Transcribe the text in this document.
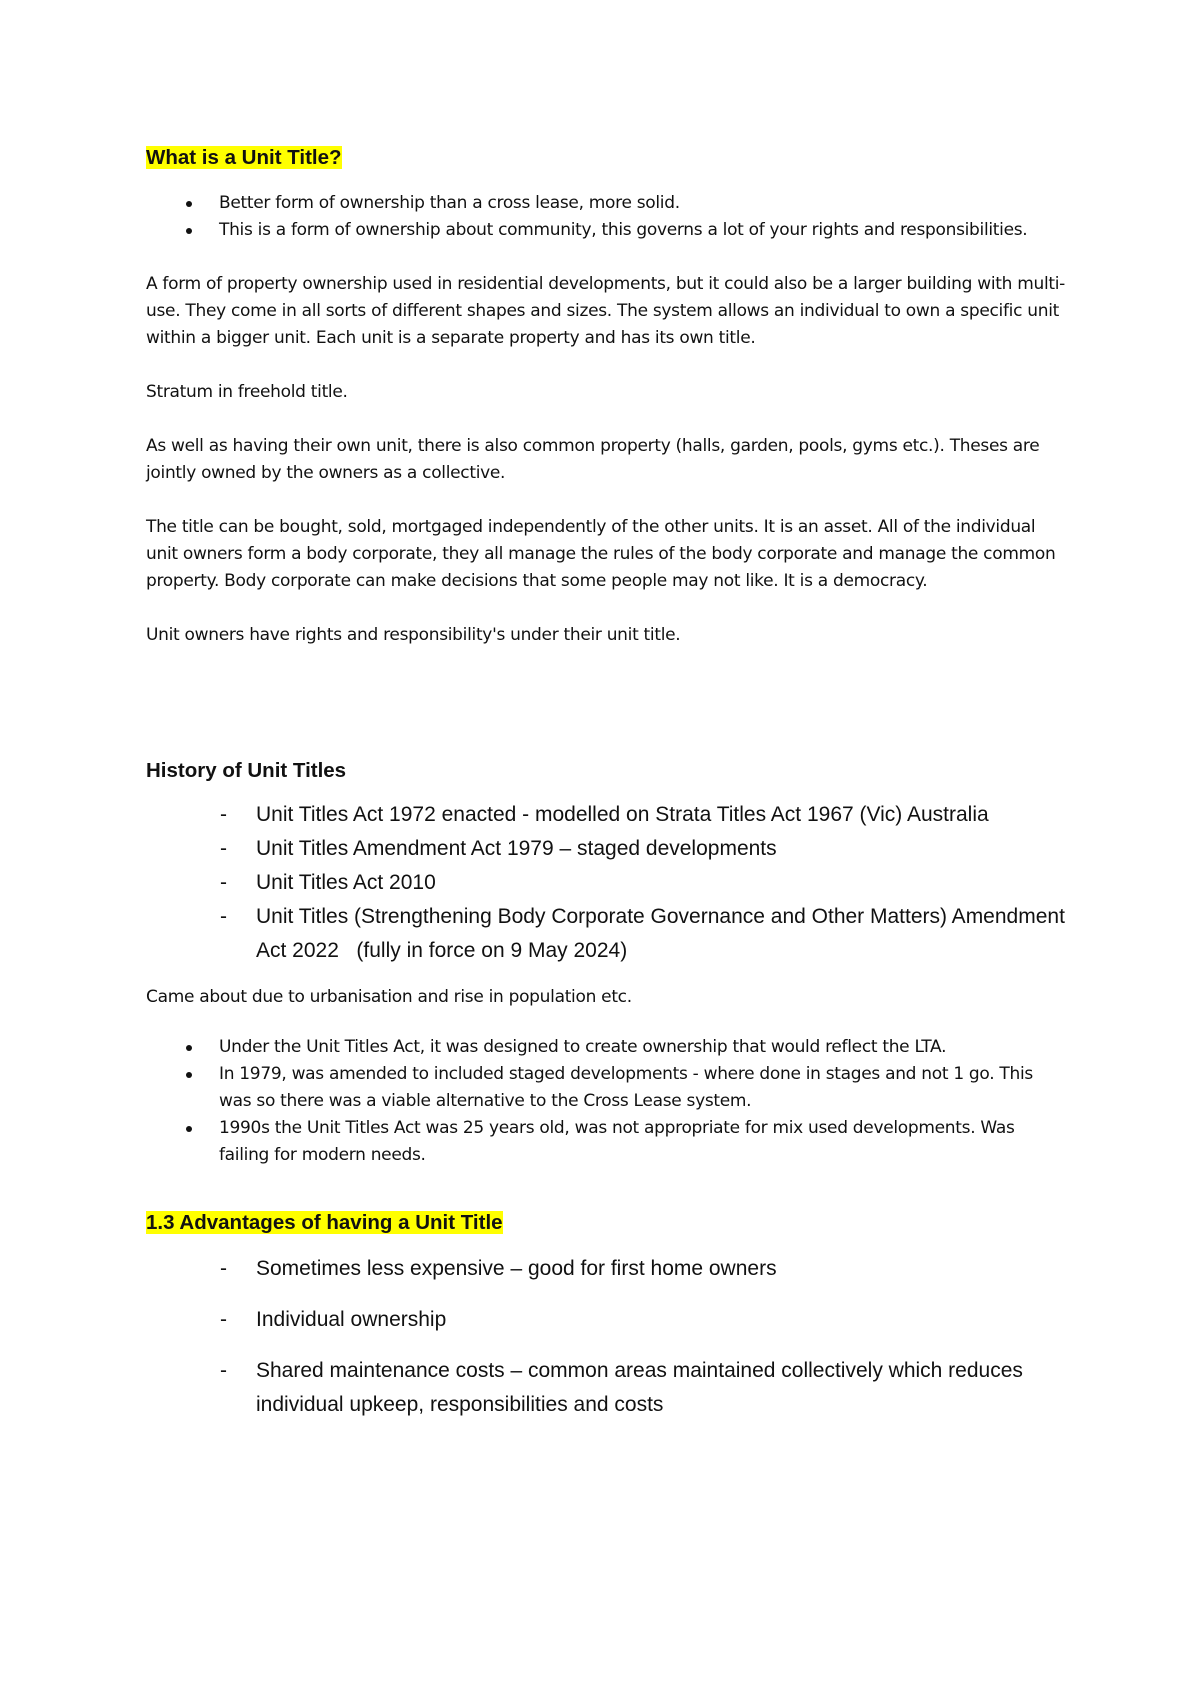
What is a Unit Title?

Better form of ownership than a cross lease, more solid.
This is a form of ownership about community, this governs a lot of your rights and responsibilities.

A form of property ownership used in residential developments, but it could also be a larger building with multi-use. They come in all sorts of different shapes and sizes. The system allows an individual to own a specific unit within a bigger unit. Each unit is a separate property and has its own title.

Stratum in freehold title.

As well as having their own unit, there is also common property (halls, garden, pools, gyms etc.). Theses are jointly owned by the owners as a collective.

The title can be bought, sold, mortgaged independently of the other units. It is an asset. All of the individual unit owners form a body corporate, they all manage the rules of the body corporate and manage the common property. Body corporate can make decisions that some people may not like. It is a democracy.

Unit owners have rights and responsibility's under their unit title.

History of Unit Titles

- Unit Titles Act 1972 enacted - modelled on Strata Titles Act 1967 (Vic) Australia
- Unit Titles Amendment Act 1979 – staged developments
- Unit Titles Act 2010
- Unit Titles (Strengthening Body Corporate Governance and Other Matters) Amendment Act 2022   (fully in force on 9 May 2024)

Came about due to urbanisation and rise in population etc.

Under the Unit Titles Act, it was designed to create ownership that would reflect the LTA.
In 1979, was amended to included staged developments - where done in stages and not 1 go. This was so there was a viable alternative to the Cross Lease system.
1990s the Unit Titles Act was 25 years old, was not appropriate for mix used developments. Was failing for modern needs.

1.3 Advantages of having a Unit Title

- Sometimes less expensive – good for first home owners
- Individual ownership
- Shared maintenance costs – common areas maintained collectively which reduces individual upkeep, responsibilities and costs
